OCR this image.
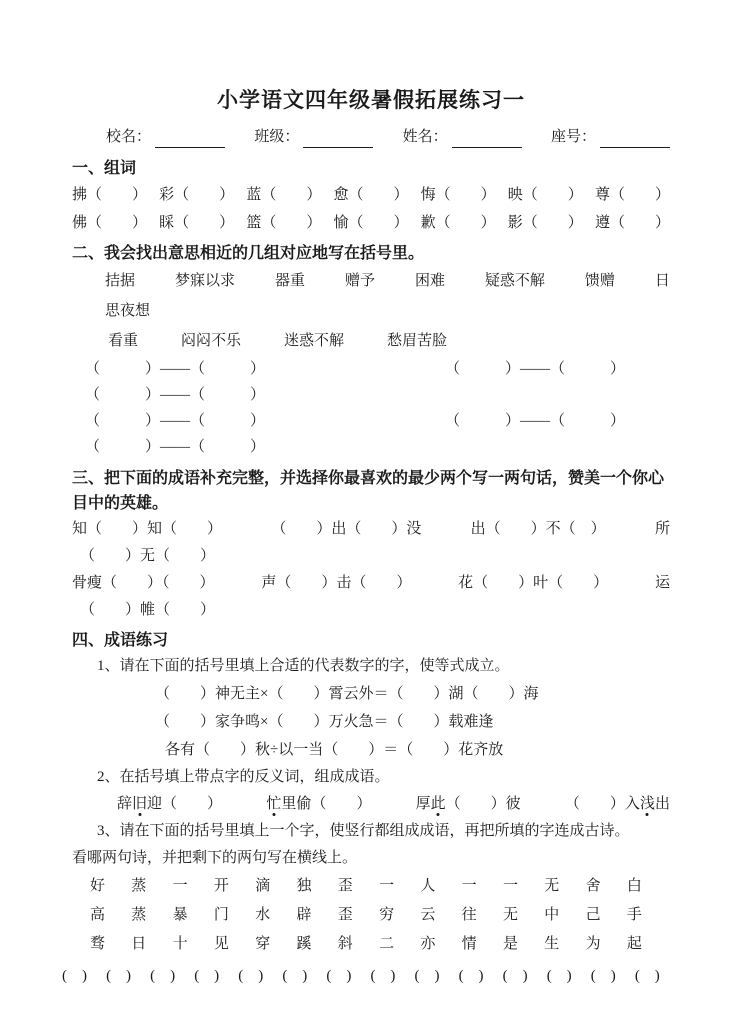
小学语文四年级暑假拓展练习一
校名：	班级：	姓名：	座号：
一、组词
拂（　　） 彩（　　） 蓝（　　） 愈（　　） 悔（　　） 映（　　） 尊（　　）
佛（　　） 睬（　　） 篮（　　） 愉（　　） 歉（　　） 影（　　） 遵（　　）
二、我会找出意思相近的几组对应地写在括号里。
拮据	梦寐以求	器重	赠予	困难	疑惑不解	馈赠	日
思夜想
看重	闷闷不乐	迷惑不解	愁眉苦脸
（　　　）——（　　　）	（　　　）——（　　　）
（　　　）——（　　　）
（　　　）——（　　　）	（　　　）——（　　　）
（　　　）——（　　　）
三、把下面的成语补充完整，并选择你最喜欢的最少两个写一两句话，赞美一个你心
目中的英雄。
知（　　）知（　　）	（　　）出（　　）没	出（　　）不（　）	所
（　　）无（　　）
骨瘦（　　）（　　）	声（　　）击（　　）	花（　　）叶（　　）	运
（　　）帷（　　）
四、成语练习
1、请在下面的括号里填上合适的代表数字的字，使等式成立。
（　　）神无主×（　　）霄云外＝（　　）湖（　　）海
（　　）家争鸣×（　　）万火急＝（　　）载难逢
各有（　　）秋÷以一当（　　）＝（　　）花齐放
2、在括号填上带点字的反义词，组成成语。
辞旧迎（　　）	忙里偷（　　）	厚此（　　）彼	（　　）入浅出
3、请在下面的括号里填上一个字，使竖行都组成成语，再把所填的字连成古诗。
看哪两句诗，并把剩下的两句写在横线上。
好 蒸 一 开 滴 独 歪 一 人 一 一 无 舍 白
高 蒸 暴 门 水 辟 歪 穷 云 往 无 中 己 手
骛 日 十 见 穿 蹊 斜 二 亦 情 是 生 为 起
(　) (　) (　) (　) (　) (　) (　) (　) (　) (　) (　) (　) (　) (　)
